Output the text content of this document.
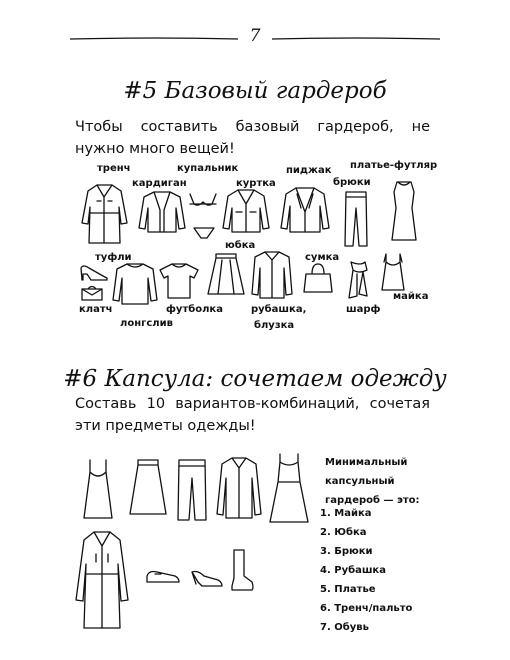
7
#5 Базовый гардероб
Чтобы составить базовый гардероб, не нужно много вещей!
тренч
кардиган
купальник
куртка
пиджак платье-футляр
брюки
туфли
юбка
сумка
майка
клатч
лонгслив
футболка	рубашка,
блузка
шарф
#6 Капсула: сочетаем одежду
Составь 10 вариантов-комбинаций, сочетая эти предметы одежды!
Минимальный капсульный гардероб — это:
1. Майка
2. Юбка
3. Брюки
4. Рубашка
5. Платье
6. Тренч/пальто
7. Обувь
